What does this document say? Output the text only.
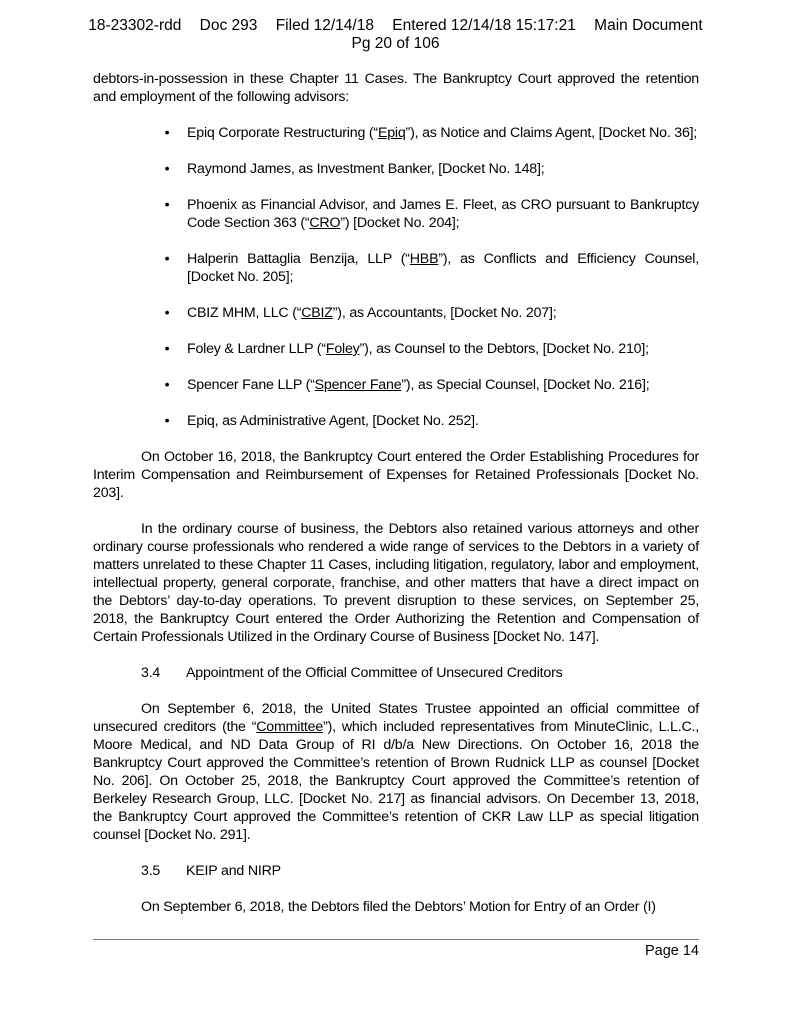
18-23302-rdd Doc 293 Filed 12/14/18 Entered 12/14/18 15:17:21 Main Document
Pg 20 of 106

debtors-in-possession in these Chapter 11 Cases. The Bankruptcy Court approved the retention and employment of the following advisors:

• Epiq Corporate Restructuring (“Epiq”), as Notice and Claims Agent, [Docket No. 36];
• Raymond James, as Investment Banker, [Docket No. 148];
• Phoenix as Financial Advisor, and James E. Fleet, as CRO pursuant to Bankruptcy Code Section 363 (“CRO”) [Docket No. 204];
• Halperin Battaglia Benzija, LLP (“HBB”), as Conflicts and Efficiency Counsel, [Docket No. 205];
• CBIZ MHM, LLC (“CBIZ”), as Accountants, [Docket No. 207];
• Foley & Lardner LLP (“Foley”), as Counsel to the Debtors, [Docket No. 210];
• Spencer Fane LLP (“Spencer Fane”), as Special Counsel, [Docket No. 216];
• Epiq, as Administrative Agent, [Docket No. 252].

On October 16, 2018, the Bankruptcy Court entered the Order Establishing Procedures for Interim Compensation and Reimbursement of Expenses for Retained Professionals [Docket No. 203].

In the ordinary course of business, the Debtors also retained various attorneys and other ordinary course professionals who rendered a wide range of services to the Debtors in a variety of matters unrelated to these Chapter 11 Cases, including litigation, regulatory, labor and employment, intellectual property, general corporate, franchise, and other matters that have a direct impact on the Debtors’ day-to-day operations. To prevent disruption to these services, on September 25, 2018, the Bankruptcy Court entered the Order Authorizing the Retention and Compensation of Certain Professionals Utilized in the Ordinary Course of Business [Docket No. 147].

3.4 Appointment of the Official Committee of Unsecured Creditors

On September 6, 2018, the United States Trustee appointed an official committee of unsecured creditors (the “Committee”), which included representatives from MinuteClinic, L.L.C., Moore Medical, and ND Data Group of RI d/b/a New Directions. On October 16, 2018 the Bankruptcy Court approved the Committee’s retention of Brown Rudnick LLP as counsel [Docket No. 206]. On October 25, 2018, the Bankruptcy Court approved the Committee’s retention of Berkeley Research Group, LLC. [Docket No. 217] as financial advisors. On December 13, 2018, the Bankruptcy Court approved the Committee’s retention of CKR Law LLP as special litigation counsel [Docket No. 291].

3.5 KEIP and NIRP

On September 6, 2018, the Debtors filed the Debtors’ Motion for Entry of an Order (I)

Page 14
